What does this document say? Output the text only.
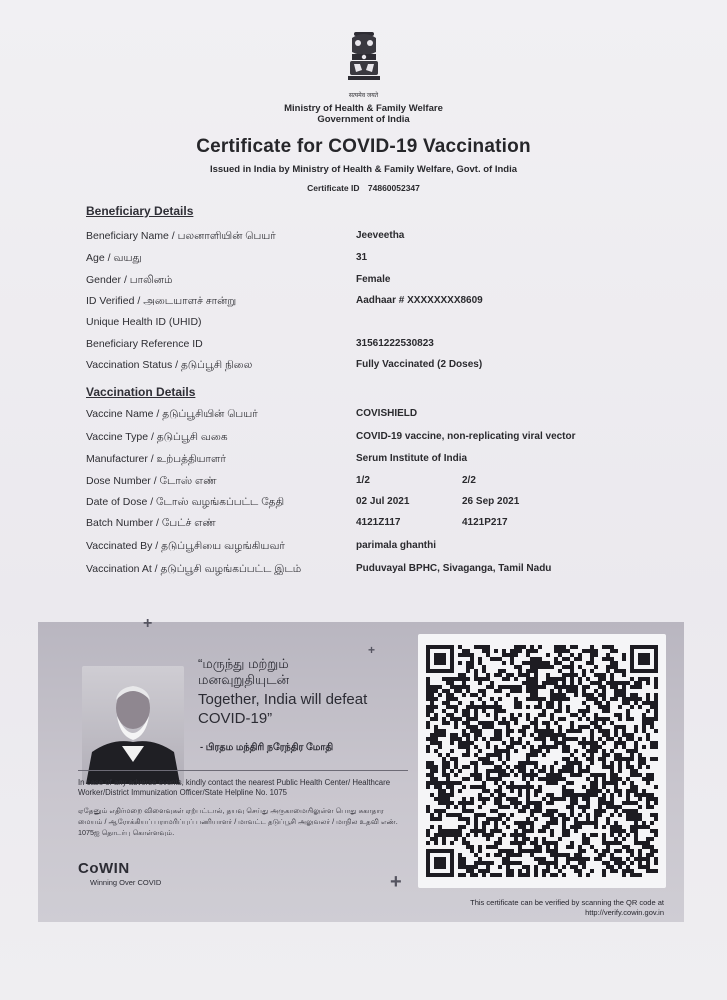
सत्यमेव जयते
Ministry of Health & Family Welfare
Government of India
Certificate for COVID-19 Vaccination
Issued in India by Ministry of Health & Family Welfare, Govt. of India
Certificate ID 74860052347
Beneficiary Details
Beneficiary Name / பலனாளியின் பெயர்	Jeeveetha
Age / வயது	31
Gender / பாலினம்	Female
ID Verified / அடையாளச் சான்று	Aadhaar # XXXXXXXX8609
Unique Health ID (UHID)
Beneficiary Reference ID	31561222530823
Vaccination Status / தடுப்பூசி நிலை	Fully Vaccinated (2 Doses)
Vaccination Details
Vaccine Name / தடுப்பூசியின் பெயர்	COVISHIELD
Vaccine Type / தடுப்பூசி வகை	COVID-19 vaccine, non-replicating viral vector
Manufacturer / உற்பத்தியாளர்	Serum Institute of India
Dose Number / டோஸ் எண்	1/2	2/2
Date of Dose / டோஸ் வழங்கப்பட்ட தேதி	02 Jul 2021	26 Sep 2021
Batch Number / பேட்ச் எண்	4121Z117	4121P217
Vaccinated By / தடுப்பூசியை வழங்கியவர்	parimala ghanthi
Vaccination At / தடுப்பூசி வழங்கப்பட்ட இடம்	Puduvayal BPHC, Sivaganga, Tamil Nadu
+
+
+
“மருந்து மற்றும்
மனவுறுதியுடன்
Together, India will defeat
COVID-19”
- பிரதம மந்திரி நரேந்திர மோதி
In case of any adverse events, kindly contact the nearest Public Health Center/ Healthcare Worker/District Immunization Officer/State Helpline No. 1075
ஏதேனும் எதிர்மறை விளைவுகள் ஏற்பட்டால், தயவு செய்து அருகாமையிலுள்ள பொது சுகாதார மையம் / ஆரோக்கியப் பராமரிப்புப் பணியாளர் / மாவட்ட தடுப்பூசி அலுவலர் / மாநில உதவி எண். 1075ஐ தொடர்பு கொள்ளவும்.
CoWIN
Winning Over COVID
This certificate can be verified by scanning the QR code at
http://verify.cowin.gov.in
